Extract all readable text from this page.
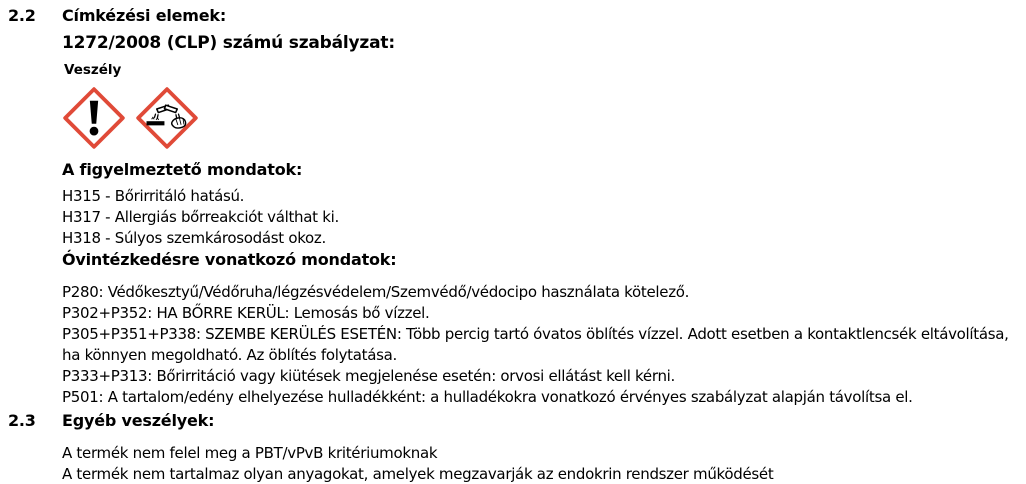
2.2	Címkézési elemek:
1272/2008 (CLP) számú szabályzat:
Veszély
A figyelmeztető mondatok:
H315 - Bőrirritáló hatású.
H317 - Allergiás bőrreakciót válthat ki.
H318 - Súlyos szemkárosodást okoz.
Óvintézkedésre vonatkozó mondatok:
P280: Védőkesztyű/Védőruha/légzésvédelem/Szemvédő/védocipo használata kötelező.
P302+P352: HA BŐRRE KERÜL: Lemosás bő vízzel.
P305+P351+P338: SZEMBE KERÜLÉS ESETÉN: Több percig tartó óvatos öblítés vízzel. Adott esetben a kontaktlencsék eltávolítása, ha könnyen megoldható. Az öblítés folytatása.
P333+P313: Bőrirritáció vagy kiütések megjelenése esetén: orvosi ellátást kell kérni.
P501: A tartalom/edény elhelyezése hulladékként: a hulladékokra vonatkozó érvényes szabályzat alapján távolítsa el.
2.3	Egyéb veszélyek:
A termék nem felel meg a PBT/vPvB kritériumoknak
A termék nem tartalmaz olyan anyagokat, amelyek megzavarják az endokrin rendszer működését
